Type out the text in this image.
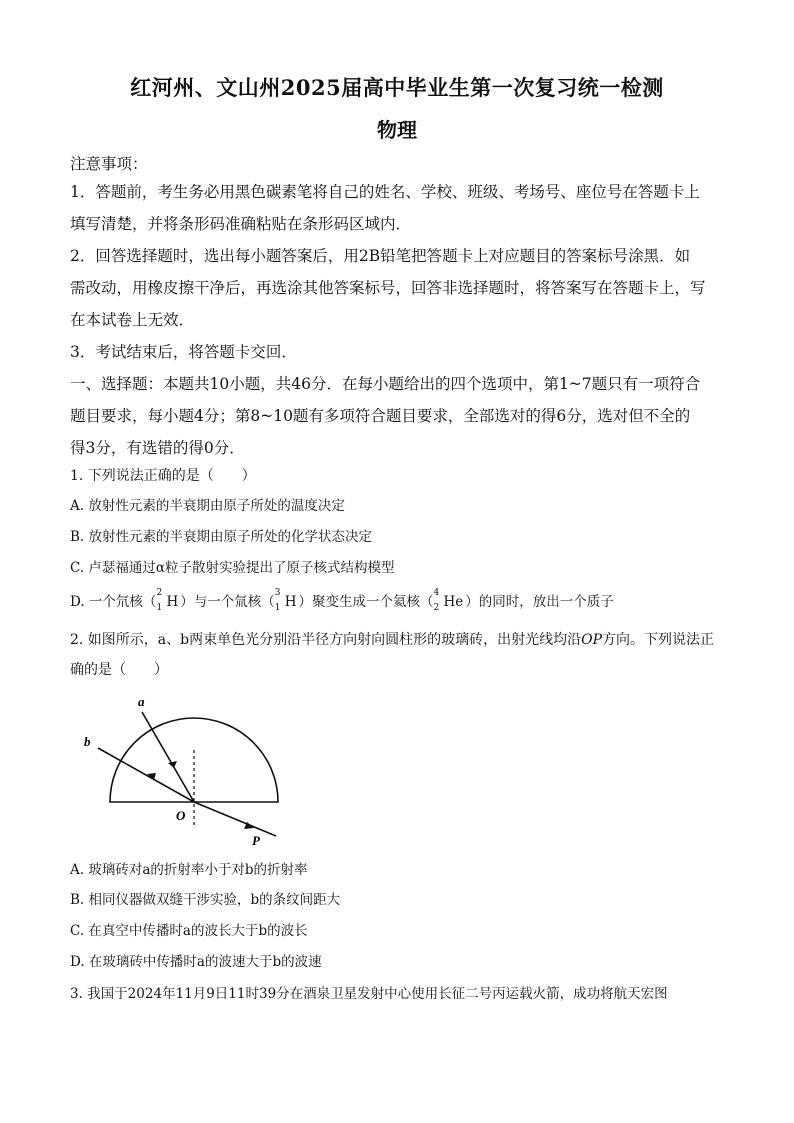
红河州、文山州2025届高中毕业生第一次复习统一检测
物理
注意事项：
1．答题前，考生务必用黑色碳素笔将自己的姓名、学校、班级、考场号、座位号在答题卡上
填写清楚，并将条形码准确粘贴在条形码区域内．
2．回答选择题时，选出每小题答案后，用2B铅笔把答题卡上对应题目的答案标号涂黑．如
需改动，用橡皮擦干净后，再选涂其他答案标号，回答非选择题时，将答案写在答题卡上，写
在本试卷上无效．
3．考试结束后，将答题卡交回．
一、选择题：本题共10小题，共46分．在每小题给出的四个选项中，第1~7题只有一项符合
题目要求，每小题4分；第8~10题有多项符合题目要求，全部选对的得6分，选对但不全的
得3分，有选错的得0分．
1. 下列说法正确的是（　　）
A. 放射性元素的半衰期由原子所处的温度决定
B. 放射性元素的半衰期由原子所处的化学状态决定
C. 卢瑟福通过α粒子散射实验提出了原子核式结构模型
D. 一个氘核（
2
1 H ）与一个氚核（
3
1 H ）聚变生成一个氦核（
4
2 He ）的同时，放出一个质子
2. 如图所示，a、b两束单色光分别沿半径方向射向圆柱形的玻璃砖，出射光线均沿OP方向。下列说法正
确的是（　　）
a
b
O
P
A. 玻璃砖对a的折射率小于对b的折射率
B. 相同仪器做双缝干涉实验，b的条纹间距大
C. 在真空中传播时a的波长大于b的波长
D. 在玻璃砖中传播时a的波速大于b的波速
3. 我国于2024年11月9日11时39分在酒泉卫星发射中心使用长征二号丙运载火箭，成功将航天宏图
